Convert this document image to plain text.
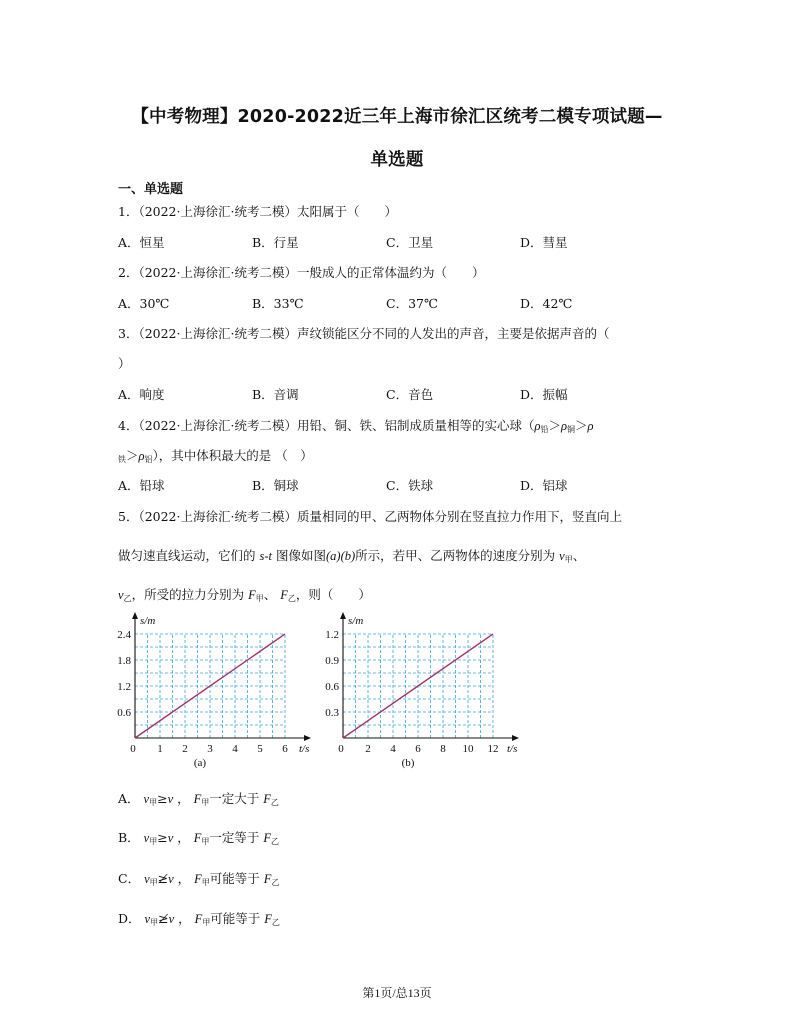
【中考物理】2020-2022近三年上海市徐汇区统考二模专项试题—
单选题
一、单选题
1．（2022·上海徐汇·统考二模）太阳属于（　　）
A．恒星	B．行星	C．卫星	D．彗星
2．（2022·上海徐汇·统考二模）一般成人的正常体温约为（　　）
A．30℃	B．33℃	C．37℃	D．42℃
3．（2022·上海徐汇·统考二模）声纹锁能区分不同的人发出的声音，主要是依据声音的（
）
A．响度	B．音调	C．音色	D．振幅
4．（2022·上海徐汇·统考二模）用铅、铜、铁、铝制成质量相等的实心球（$\rho_铅>\rho_铜>\rho$
$_铁>\rho_铝$），其中体积最大的是 （　）
A．铅球	B．铜球	C．铁球	D．铝球
5．（2022·上海徐汇·统考二模）质量相同的甲、乙两物体分别在竖直拉力作用下，竖直向上
做匀速直线运动，它们的 s-t 图像如图(a)(b)所示，若甲、乙两物体的速度分别为 $v_甲$、
$v_乙$，所受的拉力分别为 $F_甲$、 $F_乙$，则（　　）
0 1 2 3 4 5 6
0.6
1.2
1.8
2.4
s/m
t/s
(a)
0 2 4 6 8 10 12
0.3
0.6
0.9
1.2
s/m
t/s
(b)
A． $v_甲\ge v$ ， $F_甲$一定大于 $F_乙$
B． $v_甲\ge v$ ， $F_甲$一定等于 $F_乙$
C． $v_甲≱v$ ， $F_甲$可能等于 $F_乙$
D． $v_甲≱v$ ， $F_甲$可能等于 $F_乙$
第1页/总13页
